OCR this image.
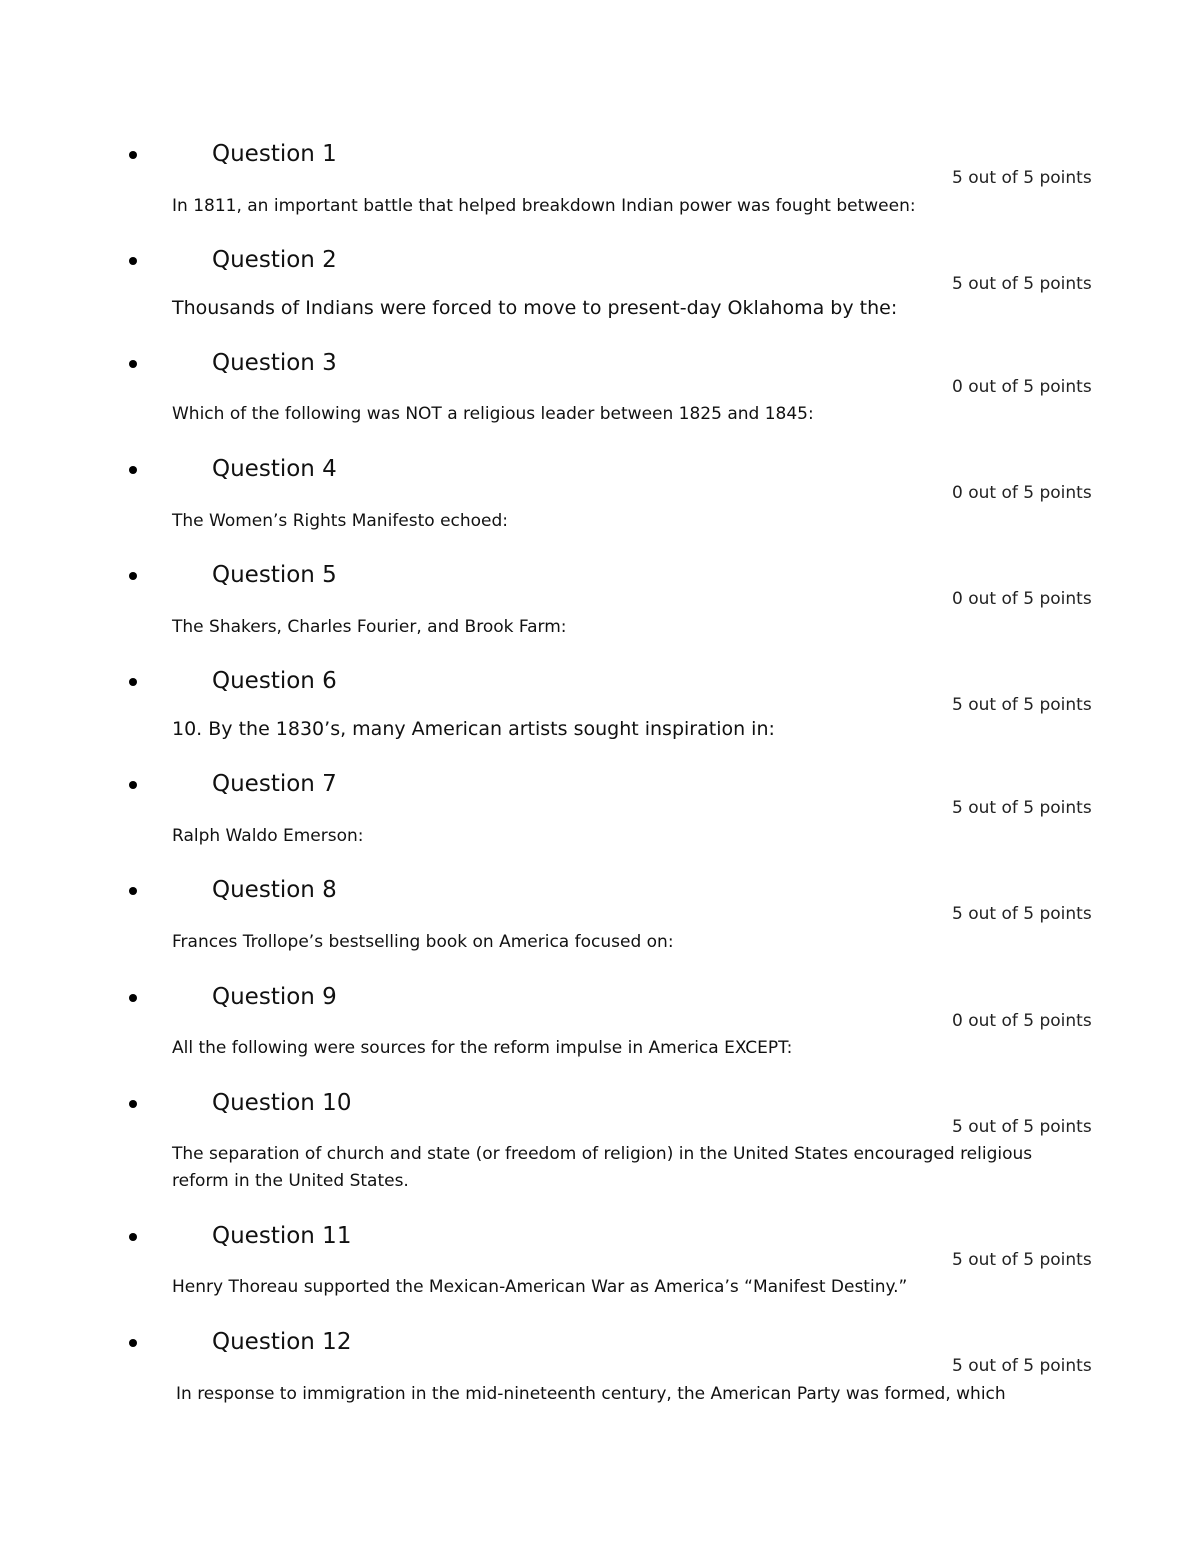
Question 1
5 out of 5 points
In 1811, an important battle that helped breakdown Indian power was fought between:
Question 2
5 out of 5 points
Thousands of Indians were forced to move to present-day Oklahoma by the:
Question 3
0 out of 5 points
Which of the following was NOT a religious leader between 1825 and 1845:
Question 4
0 out of 5 points
The Women’s Rights Manifesto echoed:
Question 5
0 out of 5 points
The Shakers, Charles Fourier, and Brook Farm:
Question 6
5 out of 5 points
10. By the 1830’s, many American artists sought inspiration in:
Question 7
5 out of 5 points
Ralph Waldo Emerson:
Question 8
5 out of 5 points
Frances Trollope’s bestselling book on America focused on:
Question 9
0 out of 5 points
All the following were sources for the reform impulse in America EXCEPT:
Question 10
5 out of 5 points
The separation of church and state (or freedom of religion) in the United States encouraged religious reform in the United States.
Question 11
5 out of 5 points
Henry Thoreau supported the Mexican-American War as America’s “Manifest Destiny.”
Question 12
5 out of 5 points
In response to immigration in the mid-nineteenth century, the American Party was formed, which
